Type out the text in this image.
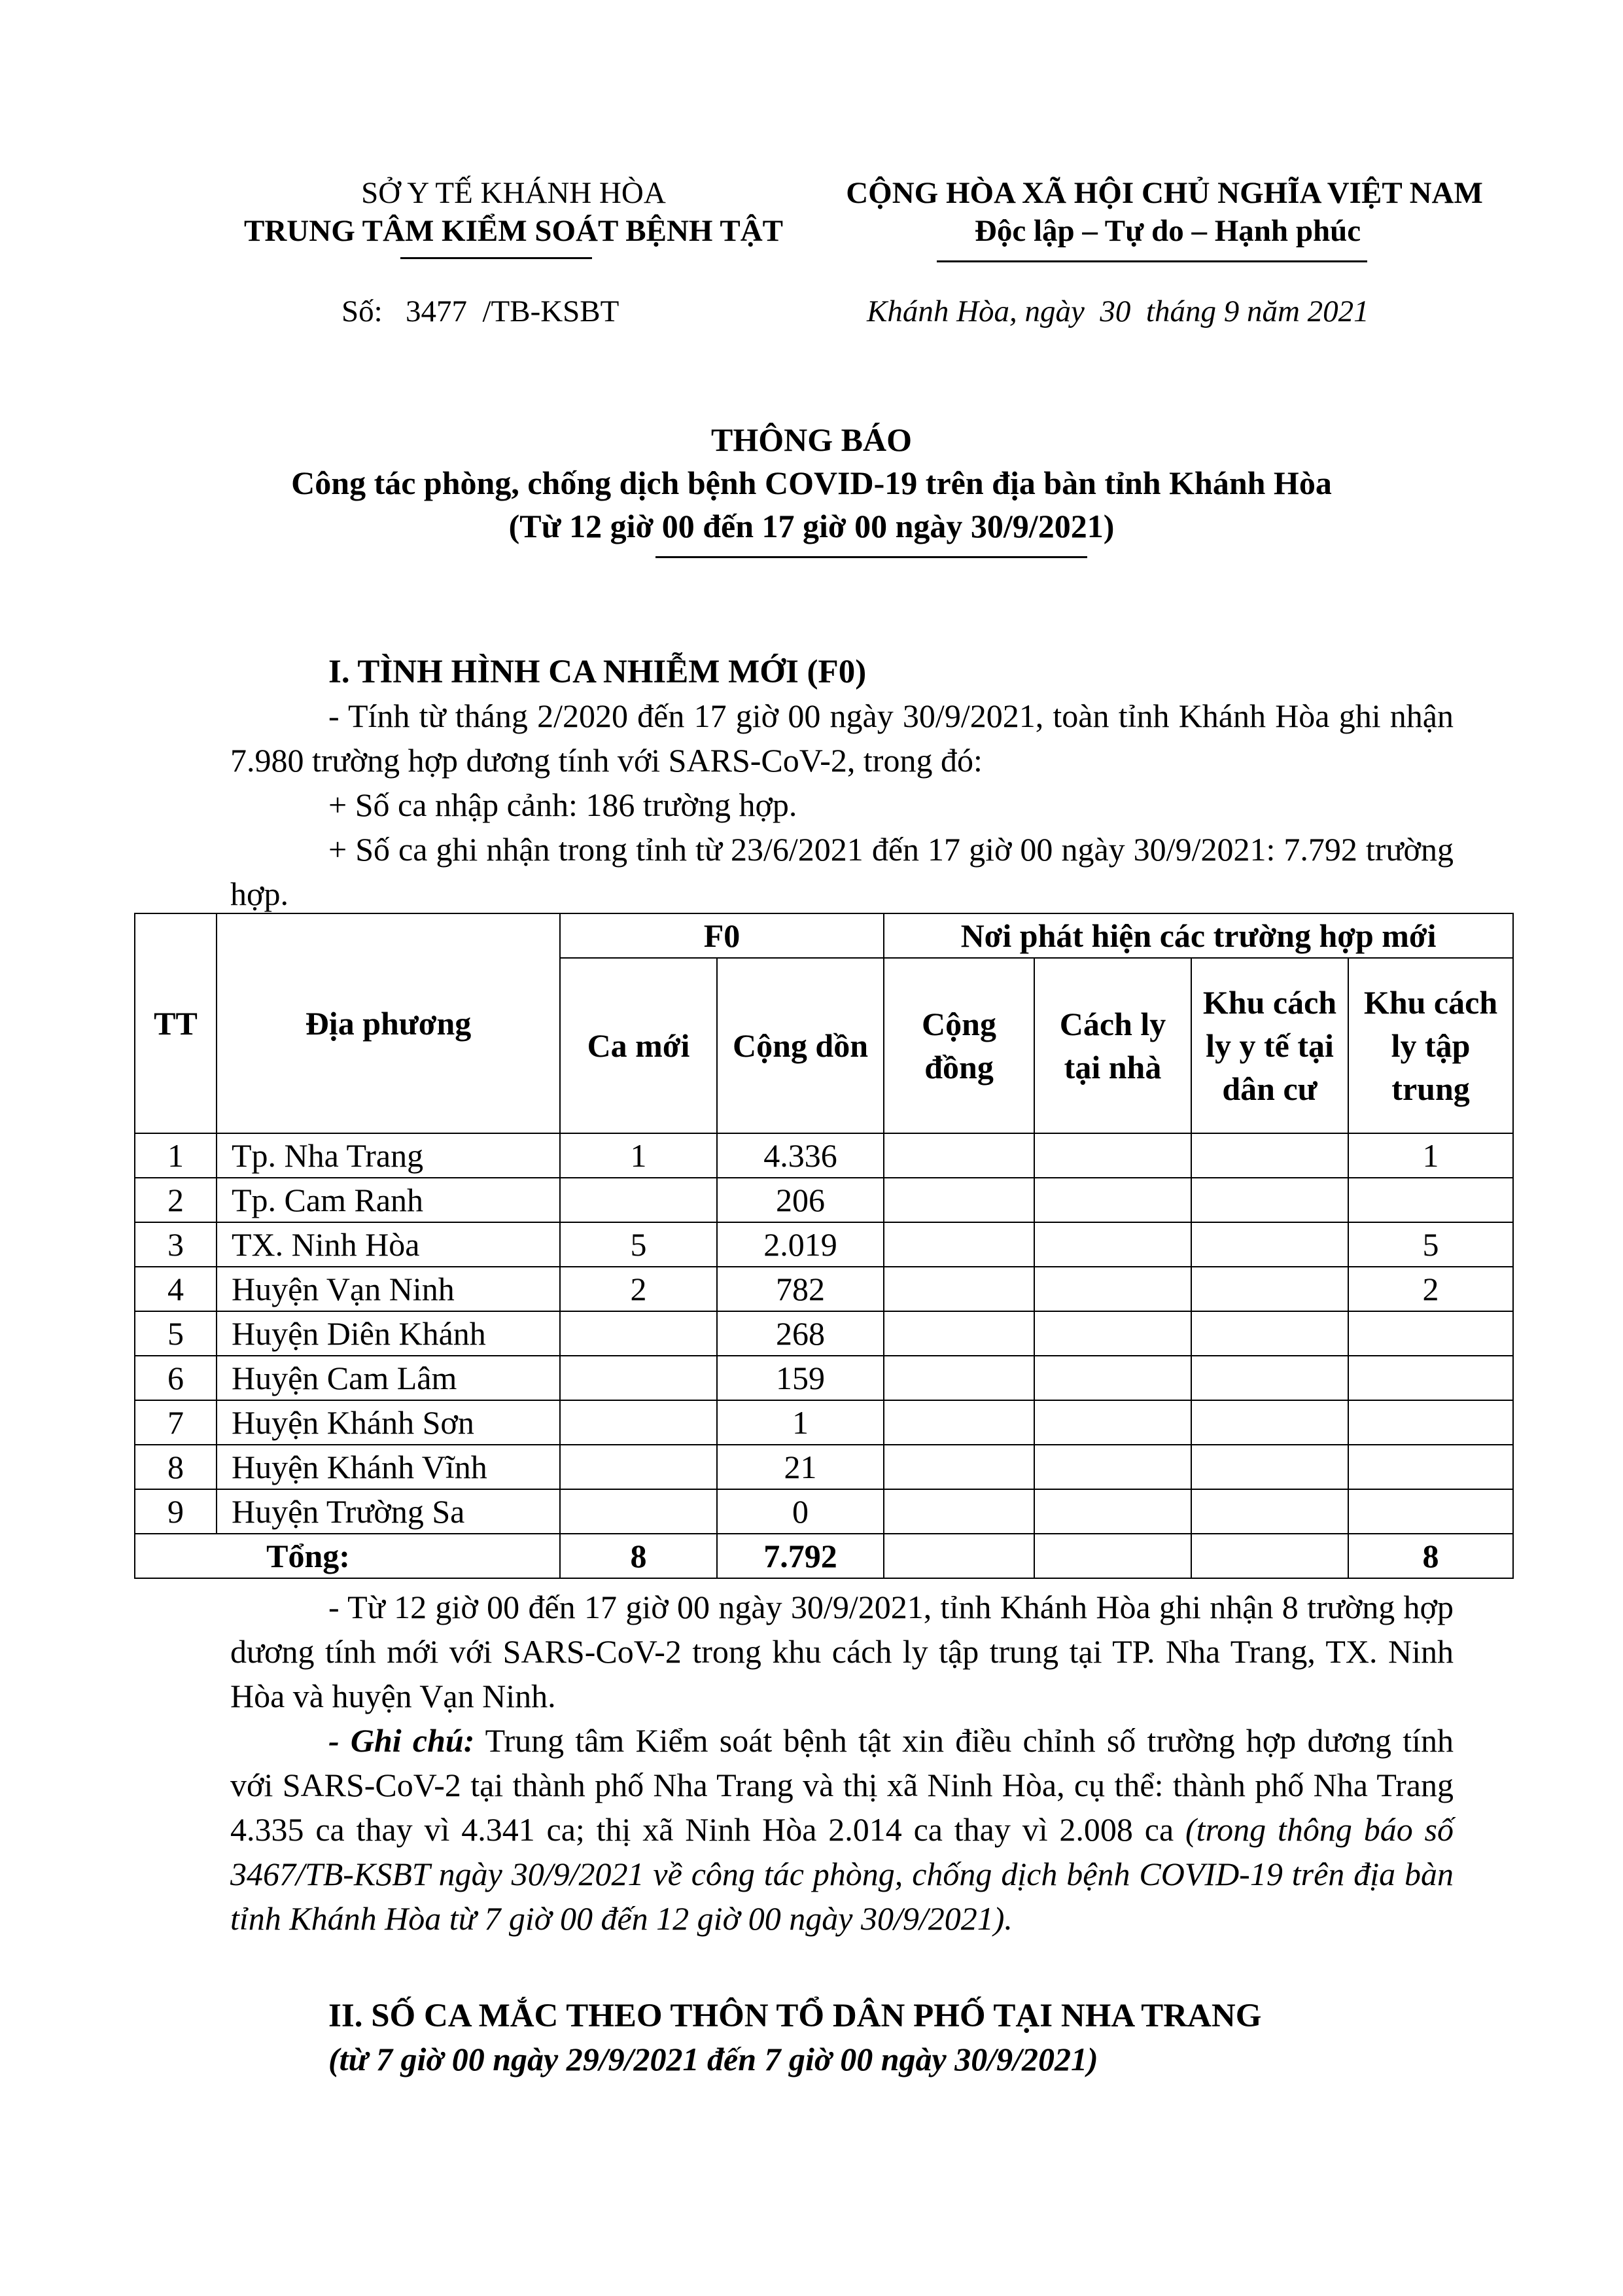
SỞ Y TẾ KHÁNH HÒA
TRUNG TÂM KIỂM SOÁT BỆNH TẬT
CỘNG HÒA XÃ HỘI CHỦ NGHĨA VIỆT NAM
Độc lập – Tự do – Hạnh phúc
Số:   3477  /TB-KSBT	Khánh Hòa, ngày  30  tháng 9 năm 2021
THÔNG BÁO
Công tác phòng, chống dịch bệnh COVID-19 trên địa bàn tỉnh Khánh Hòa
(Từ 12 giờ 00 đến 17 giờ 00 ngày 30/9/2021)
I. TÌNH HÌNH CA NHIỄM MỚI (F0)

- Tính từ tháng 2/2020 đến 17 giờ 00 ngày 30/9/2021, toàn tỉnh Khánh Hòa ghi nhận 7.980 trường hợp dương tính với SARS-CoV-2, trong đó:

+ Số ca nhập cảnh: 186 trường hợp.

+ Số ca ghi nhận trong tỉnh từ 23/6/2021 đến 17 giờ 00 ngày 30/9/2021: 7.792 trường hợp.

TT	Địa phương	F0		Nơi phát hiện các trường hợp mới			
		Ca mới	Cộng dồn	Cộng đồng	Cách ly tại nhà	Khu cách ly y tế tại dân cư	Khu cách ly tập trung
1	Tp. Nha Trang	1	4.336				1
2	Tp. Cam Ranh		206				
3	TX. Ninh Hòa	5	2.019				5
4	Huyện Vạn Ninh	2	782				2
5	Huyện Diên Khánh		268				
6	Huyện Cam Lâm		159				
7	Huyện Khánh Sơn		1				
8	Huyện Khánh Vĩnh		21				
9	Huyện Trường Sa		0				
Tổng:		8	7.792				8

- Từ 12 giờ 00 đến 17 giờ 00 ngày 30/9/2021, tỉnh Khánh Hòa ghi nhận 8 trường hợp dương tính mới với SARS-CoV-2 trong khu cách ly tập trung tại TP. Nha Trang, TX. Ninh Hòa và huyện Vạn Ninh.

- Ghi chú: Trung tâm Kiểm soát bệnh tật xin điều chỉnh số trường hợp dương tính với SARS-CoV-2 tại thành phố Nha Trang và thị xã Ninh Hòa, cụ thể: thành phố Nha Trang 4.335 ca thay vì 4.341 ca; thị xã Ninh Hòa 2.014 ca thay vì 2.008 ca (trong thông báo số 3467/TB-KSBT ngày 30/9/2021 về công tác phòng, chống dịch bệnh COVID-19 trên địa bàn tỉnh Khánh Hòa từ 7 giờ 00 đến 12 giờ 00 ngày 30/9/2021).

II. SỐ CA MẮC THEO THÔN TỔ DÂN PHỐ TẠI NHA TRANG
(từ 7 giờ 00 ngày 29/9/2021 đến 7 giờ 00 ngày 30/9/2021)
